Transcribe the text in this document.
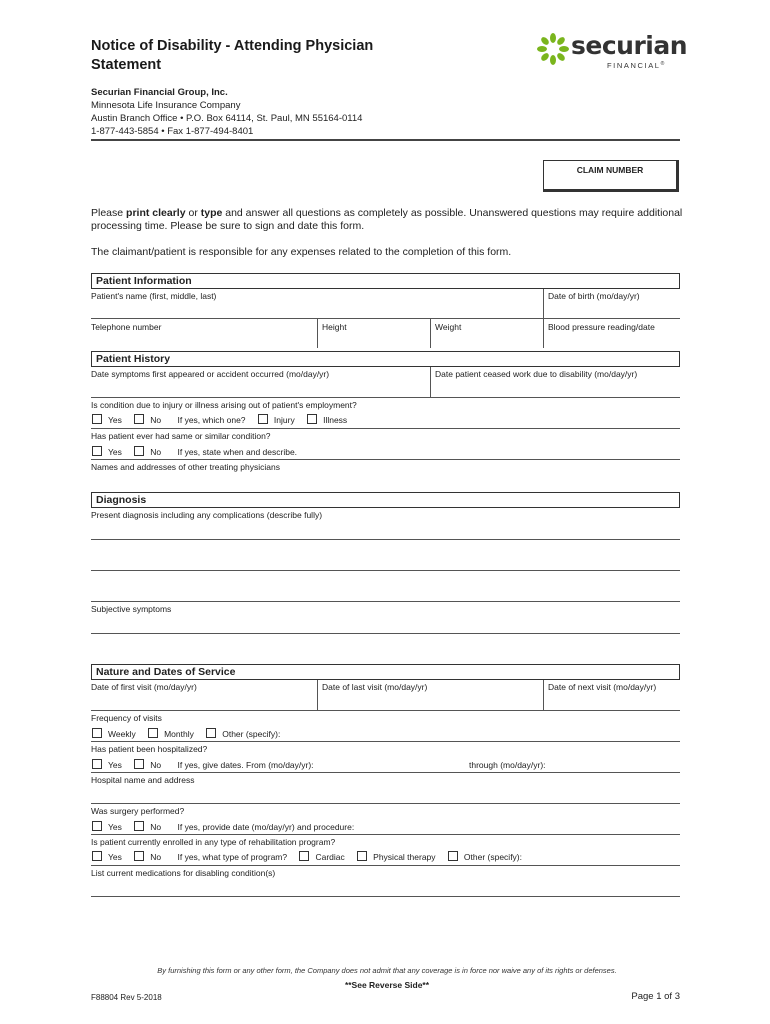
Notice of Disability - Attending Physician Statement
securian
FINANCIAL®
Securian Financial Group, Inc.
Minnesota Life Insurance Company
Austin Branch Office • P.O. Box 64114, St. Paul, MN 55164-0114
1-877-443-5854 • Fax 1-877-494-8401
CLAIM NUMBER
Please print clearly or type and answer all questions as completely as possible. Unanswered questions may require additional processing time. Please be sure to sign and date this form.
The claimant/patient is responsible for any expenses related to the completion of this form.
Patient Information
Patient's name (first, middle, last)	Date of birth (mo/day/yr)
Telephone number	Height	Weight	Blood pressure reading/date
Patient History
Date symptoms first appeared or accident occurred (mo/day/yr)	Date patient ceased work due to disability (mo/day/yr)
Is condition due to injury or illness arising out of patient's employment?
Yes	No If yes, which one?	Injury	Illness
Has patient ever had same or similar condition?
Yes	No If yes, state when and describe.
Names and addresses of other treating physicians
Diagnosis
Present diagnosis including any complications (describe fully)
Subjective symptoms
Nature and Dates of Service
Date of first visit (mo/day/yr)	Date of last visit (mo/day/yr)	Date of next visit (mo/day/yr)
Frequency of visits
Weekly	Monthly	Other (specify):
Has patient been hospitalized?
Yes	No If yes, give dates. From (mo/day/yr):	through (mo/day/yr):
Hospital name and address
Was surgery performed?
Yes	No If yes, provide date (mo/day/yr) and procedure:
Is patient currently enrolled in any type of rehabilitation program?
Yes	No If yes, what type of program?	Cardiac	Physical therapy	Other (specify):
List current medications for disabling condition(s)
By furnishing this form or any other form, the Company does not admit that any coverage is in force nor waive any of its rights or defenses.
**See Reverse Side**
F88804 Rev 5-2018	Page 1 of 3
